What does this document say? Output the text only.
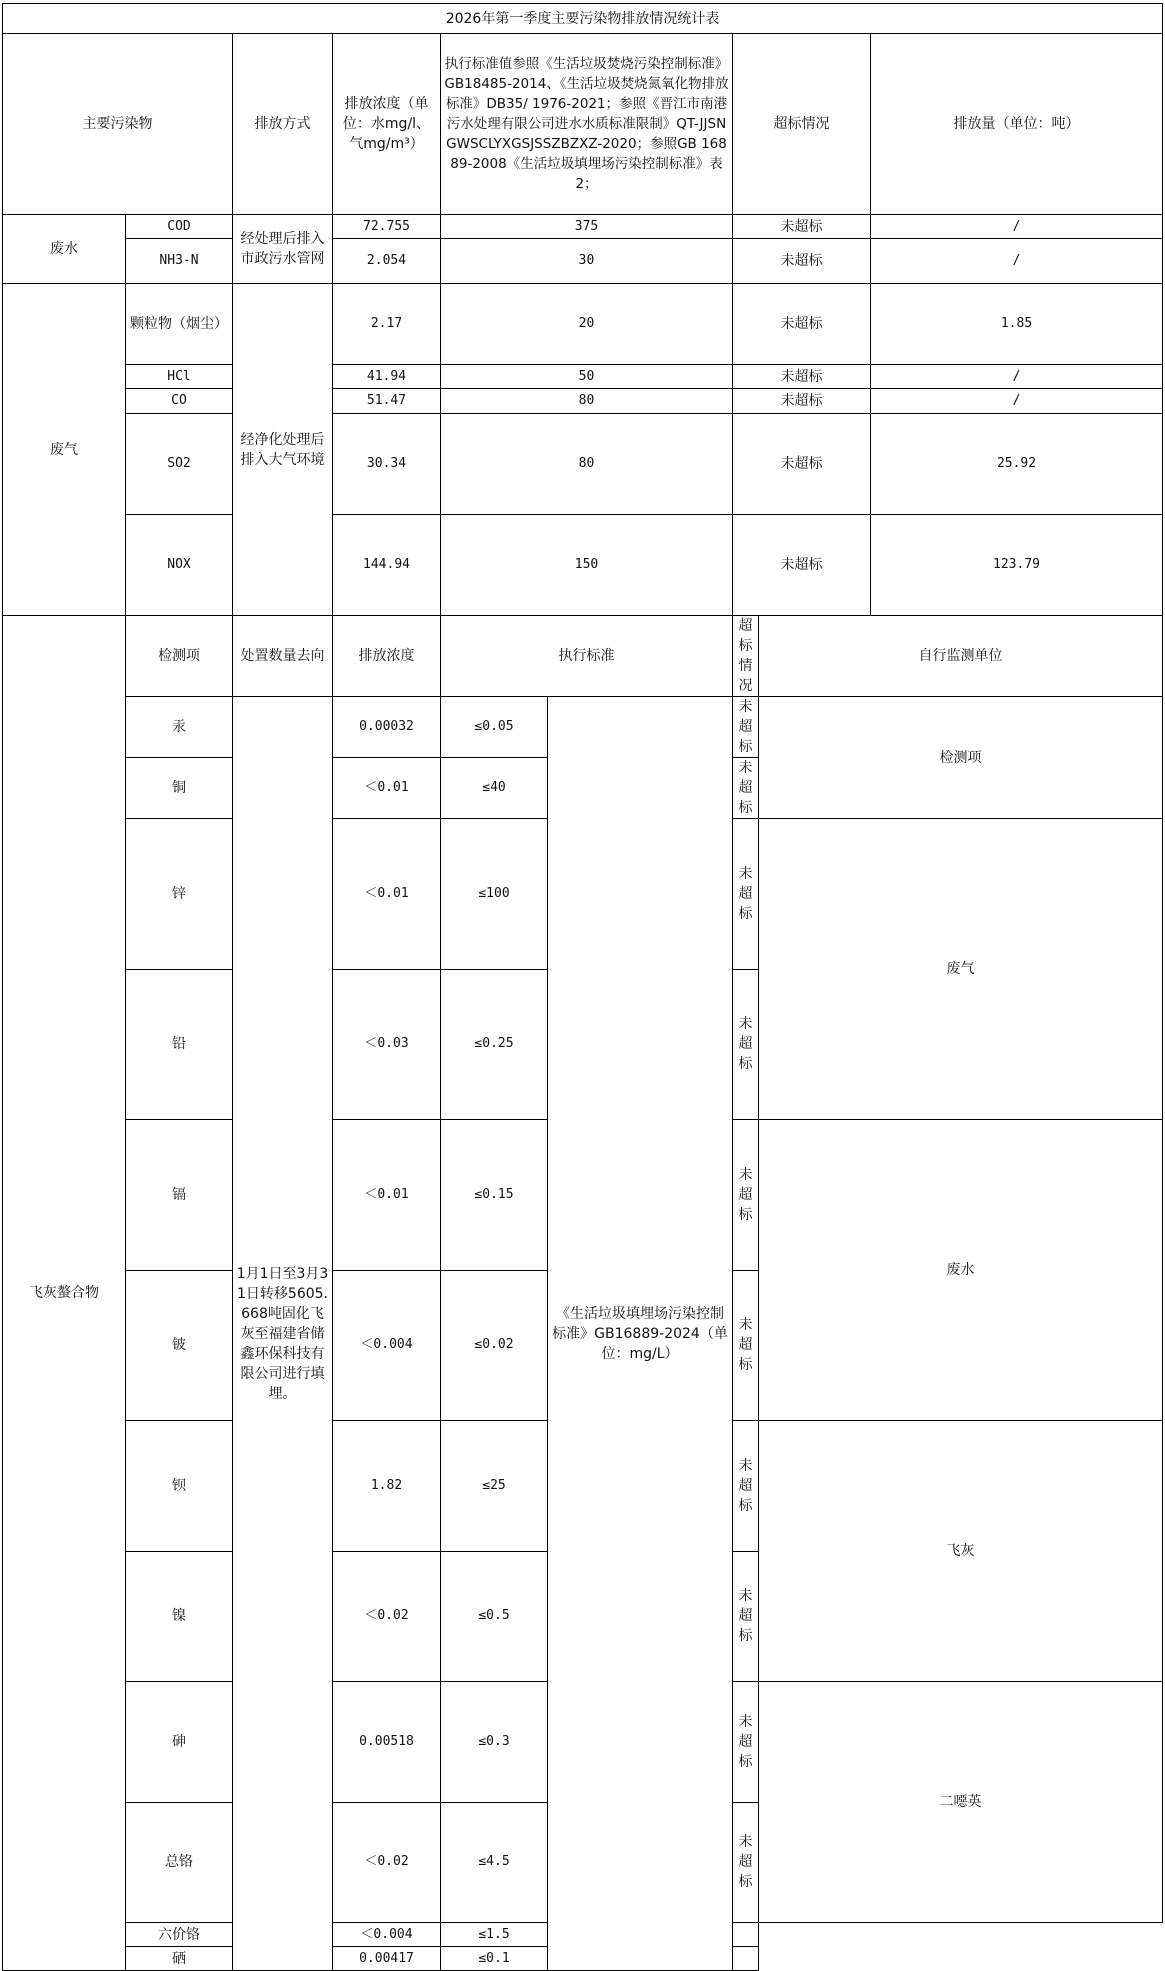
2026年第一季度主要污染物排放情况统计表									
主要污染物		排放方式	排放浓度（单位：水mg/l、气mg/m³）	执行标准值参照《生活垃圾焚烧污染控制标准》GB18485-2014、《生活垃圾焚烧氮氧化物排放标准》DB35/ 1976-2021；参照《晋江市南港污水处理有限公司进水水质标准限制》QT-JJSNGWSCLYXGSJSSZBZXZ-2020；参照GB 16889-2008《生活垃圾填埋场污染控制标准》表2；		超标情况		排放量（单位：吨）	
废水	COD	经处理后排入市政污水管网	72.755	375		未超标		/	
	NH3-N		2.054	30		未超标		/	
废气	颗粒物（烟尘）	经净化处理后排入大气环境	2.17	20		未超标		1.85	
	HCl		41.94	50		未超标		/	
	CO		51.47	80		未超标		/	
	SO2		30.34	80		未超标		25.92	
	NOX		144.94	150		未超标		123.79	
飞灰螯合物	检测项	处置数量去向	排放浓度	执行标准		超标情况	自行监测单位		
	汞	1月1日至3月31日转移5605.668吨固化飞灰至福建省储鑫环保科技有限公司进行填埋。	0.00032	≤0.05	《生活垃圾填埋场污染控制标准》GB16889-2024（单位：mg/L）	未超标	检测项	
	铜		＜0.01	≤40		未超标			
	锌		＜0.01	≤100		未超标	废气	
	铅		＜0.03	≤0.25		未超标			
	镉		＜0.01	≤0.15		未超标	废水	
	铍		＜0.004	≤0.02		未超标			
	钡		1.82	≤25		未超标	飞灰	
	镍		＜0.02	≤0.5		未超标			
	砷		0.00518	≤0.3		未超标	二噁英	
	总铬		＜0.02	≤4.5		未超标			
	六价铬		＜0.004	≤1.5					
	硒		0.00417	≤0.1					
